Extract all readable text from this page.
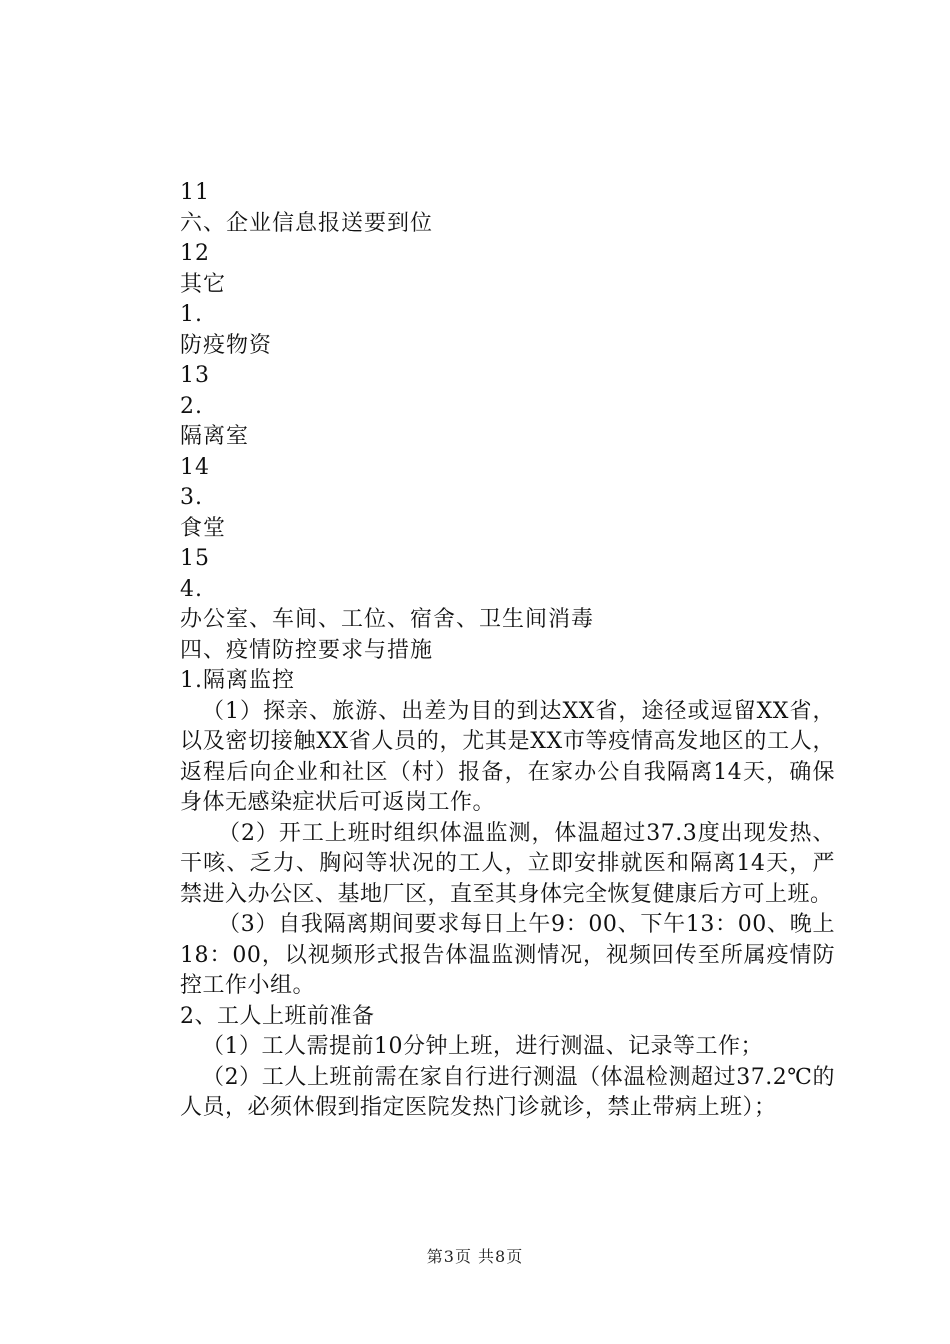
11
六、企业信息报送要到位
12
其它
1.
防疫物资
13
2.
隔离室
14
3.
食堂
15
4.
办公室、车间、工位、宿舍、卫生间消毒
四、疫情防控要求与措施
1.隔离监控
（1）探亲、旅游、出差为目的到达XX省，途径或逗留XX省，以及密切接触XX省人员的，尤其是XX市等疫情高发地区的工人，返程后向企业和社区（村）报备，在家办公自我隔离14天，确保身体无感染症状后可返岗工作。
（2）开工上班时组织体温监测，体温超过37.3度出现发热、干咳、乏力、胸闷等状况的工人，立即安排就医和隔离14天，严禁进入办公区、基地厂区，直至其身体完全恢复健康后方可上班。
（3）自我隔离期间要求每日上午9：00、下午13：00、晚上18：00，以视频形式报告体温监测情况，视频回传至所属疫情防控工作小组。
2、工人上班前准备
（1）工人需提前10分钟上班，进行测温、记录等工作；
（2）工人上班前需在家自行进行测温（体温检测超过37.2℃的人员，必须休假到指定医院发热门诊就诊，禁止带病上班）；
第3页 共8页
